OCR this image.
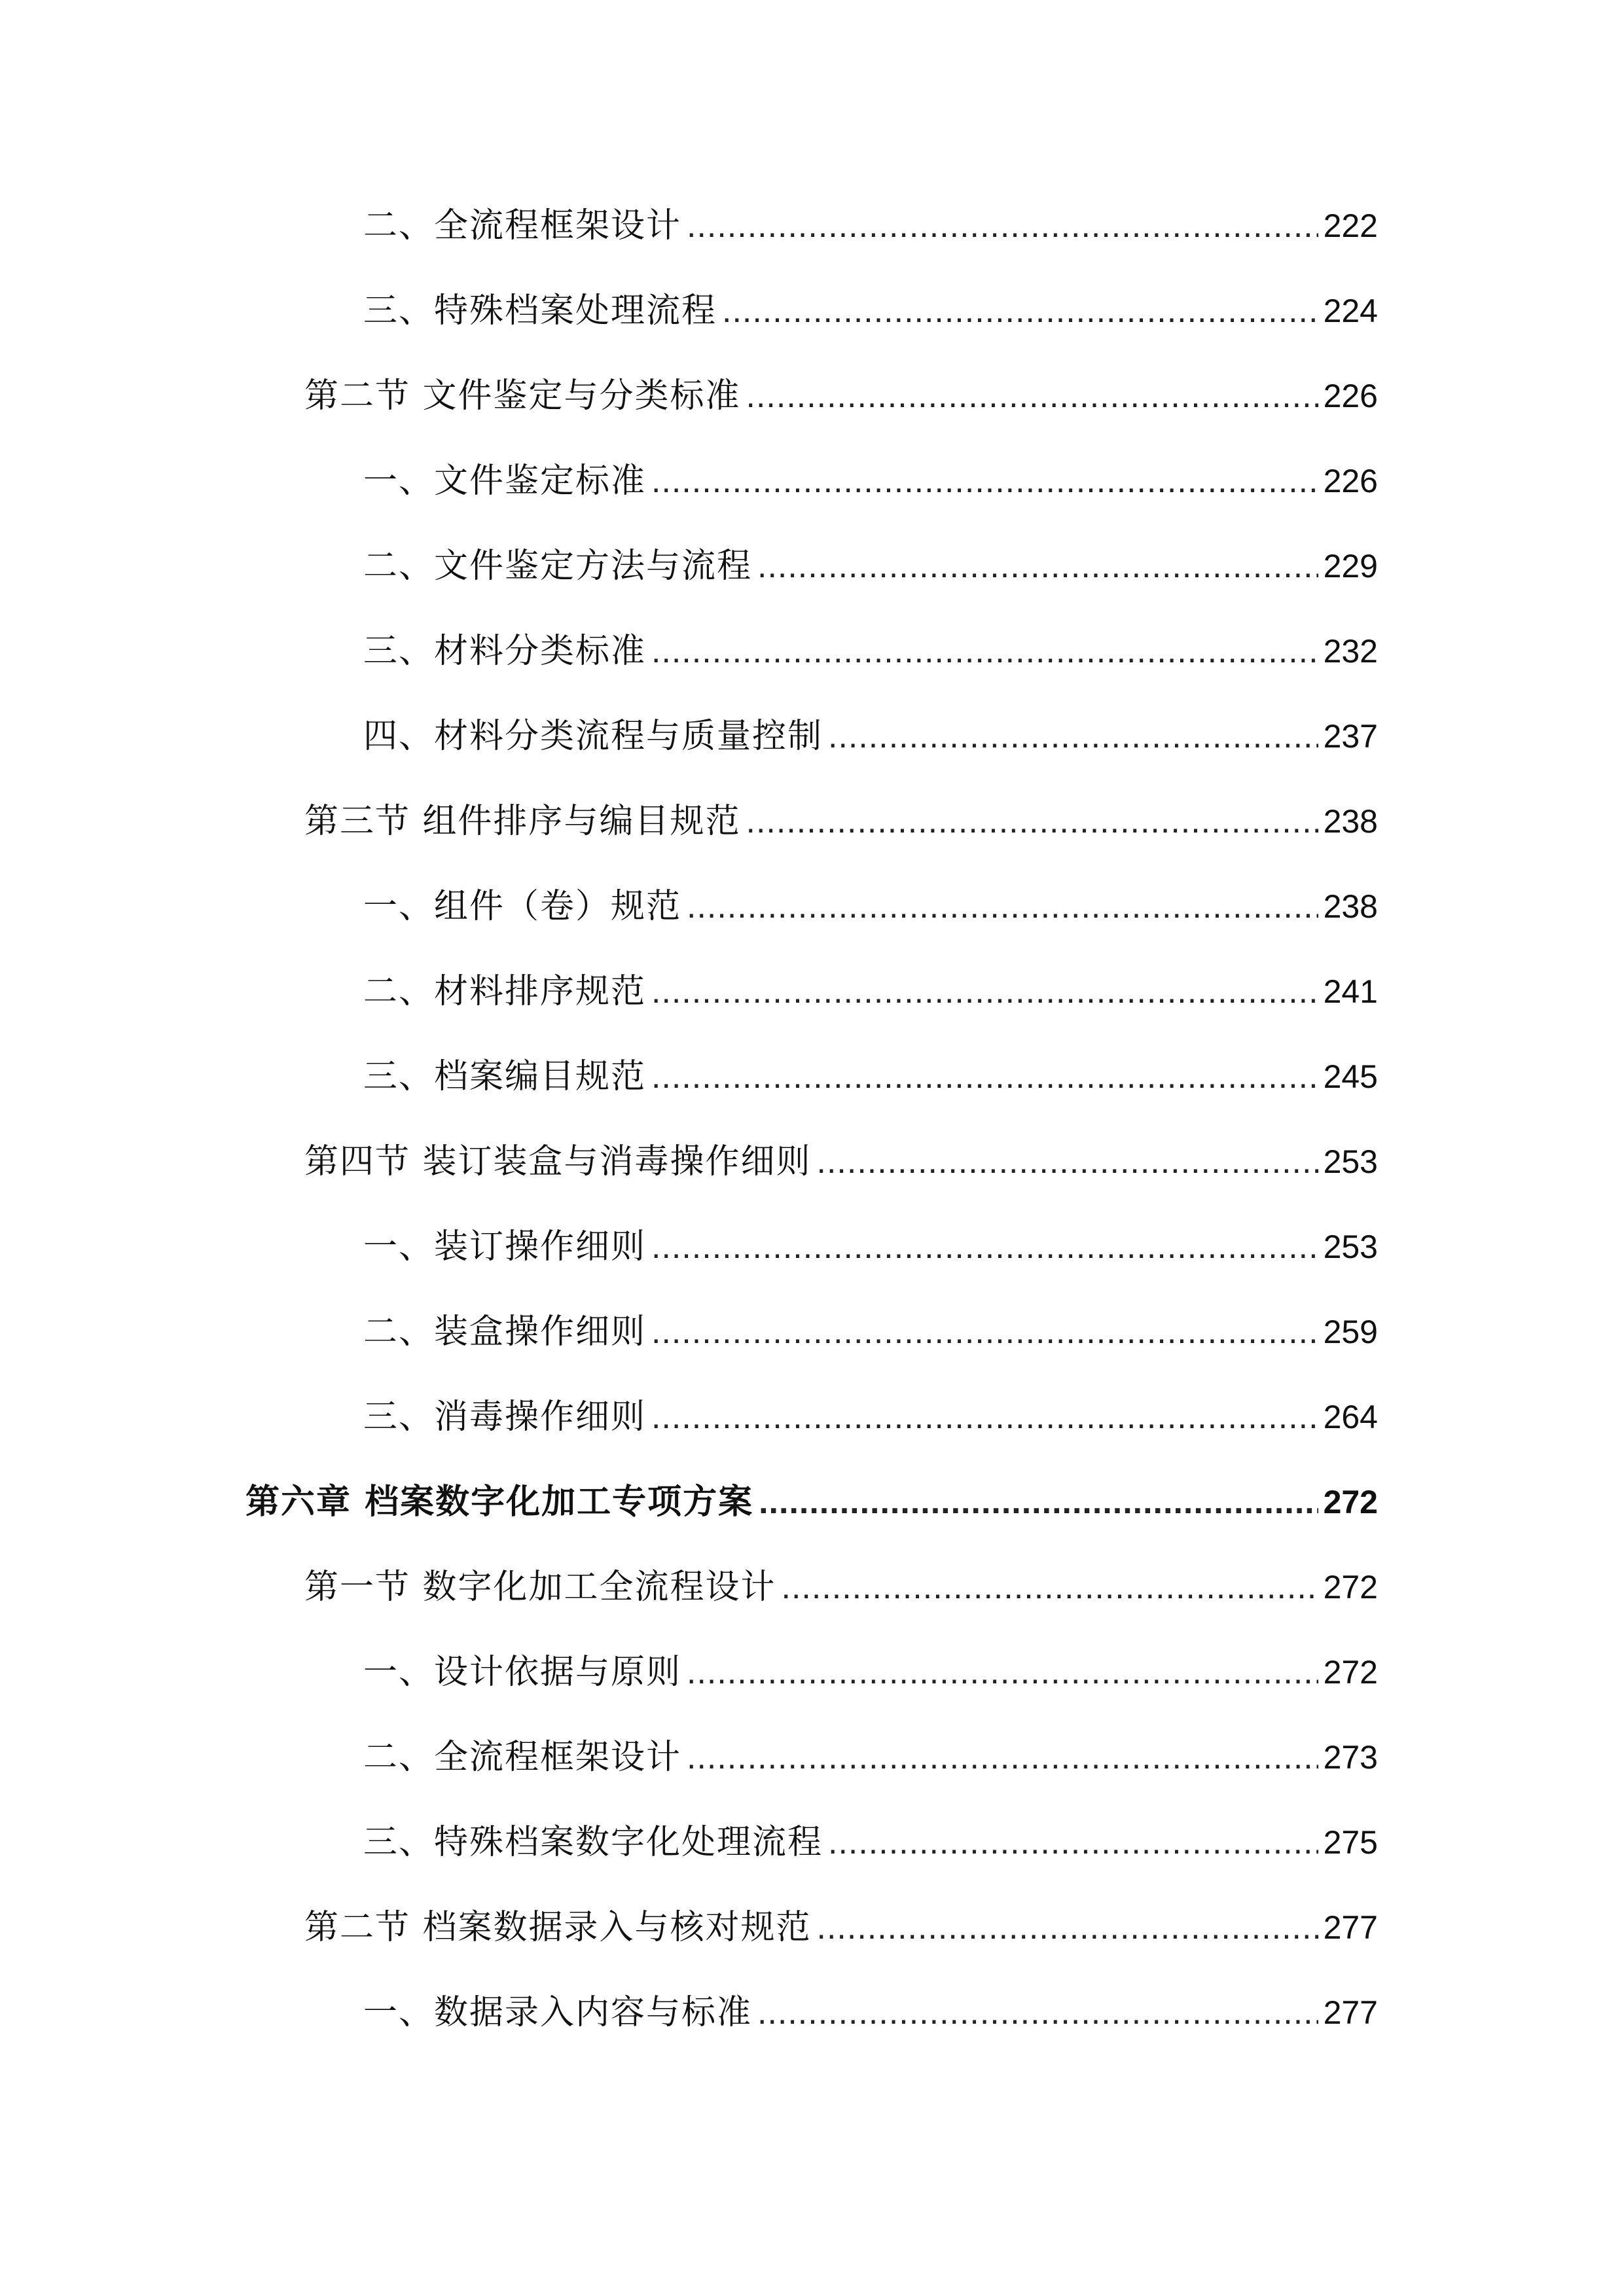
二、全流程框架设计 .....	222
三、特殊档案处理流程 .....	224
第二节 文件鉴定与分类标准 .....	226
一、文件鉴定标准 .....	226
二、文件鉴定方法与流程 .....	229
三、材料分类标准 .....	232
四、材料分类流程与质量控制 .....	237
第三节 组件排序与编目规范 .....	238
一、组件（卷）规范 .....	238
二、材料排序规范 .....	241
三、档案编目规范 .....	245
第四节 装订装盒与消毒操作细则 .....	253
一、装订操作细则 .....	253
二、装盒操作细则 .....	259
三、消毒操作细则 .....	264
第六章 档案数字化加工专项方案 .....	272
第一节 数字化加工全流程设计 .....	272
一、设计依据与原则 .....	272
二、全流程框架设计 .....	273
三、特殊档案数字化处理流程 .....	275
第二节 档案数据录入与核对规范 .....	277
一、数据录入内容与标准 .....	277
